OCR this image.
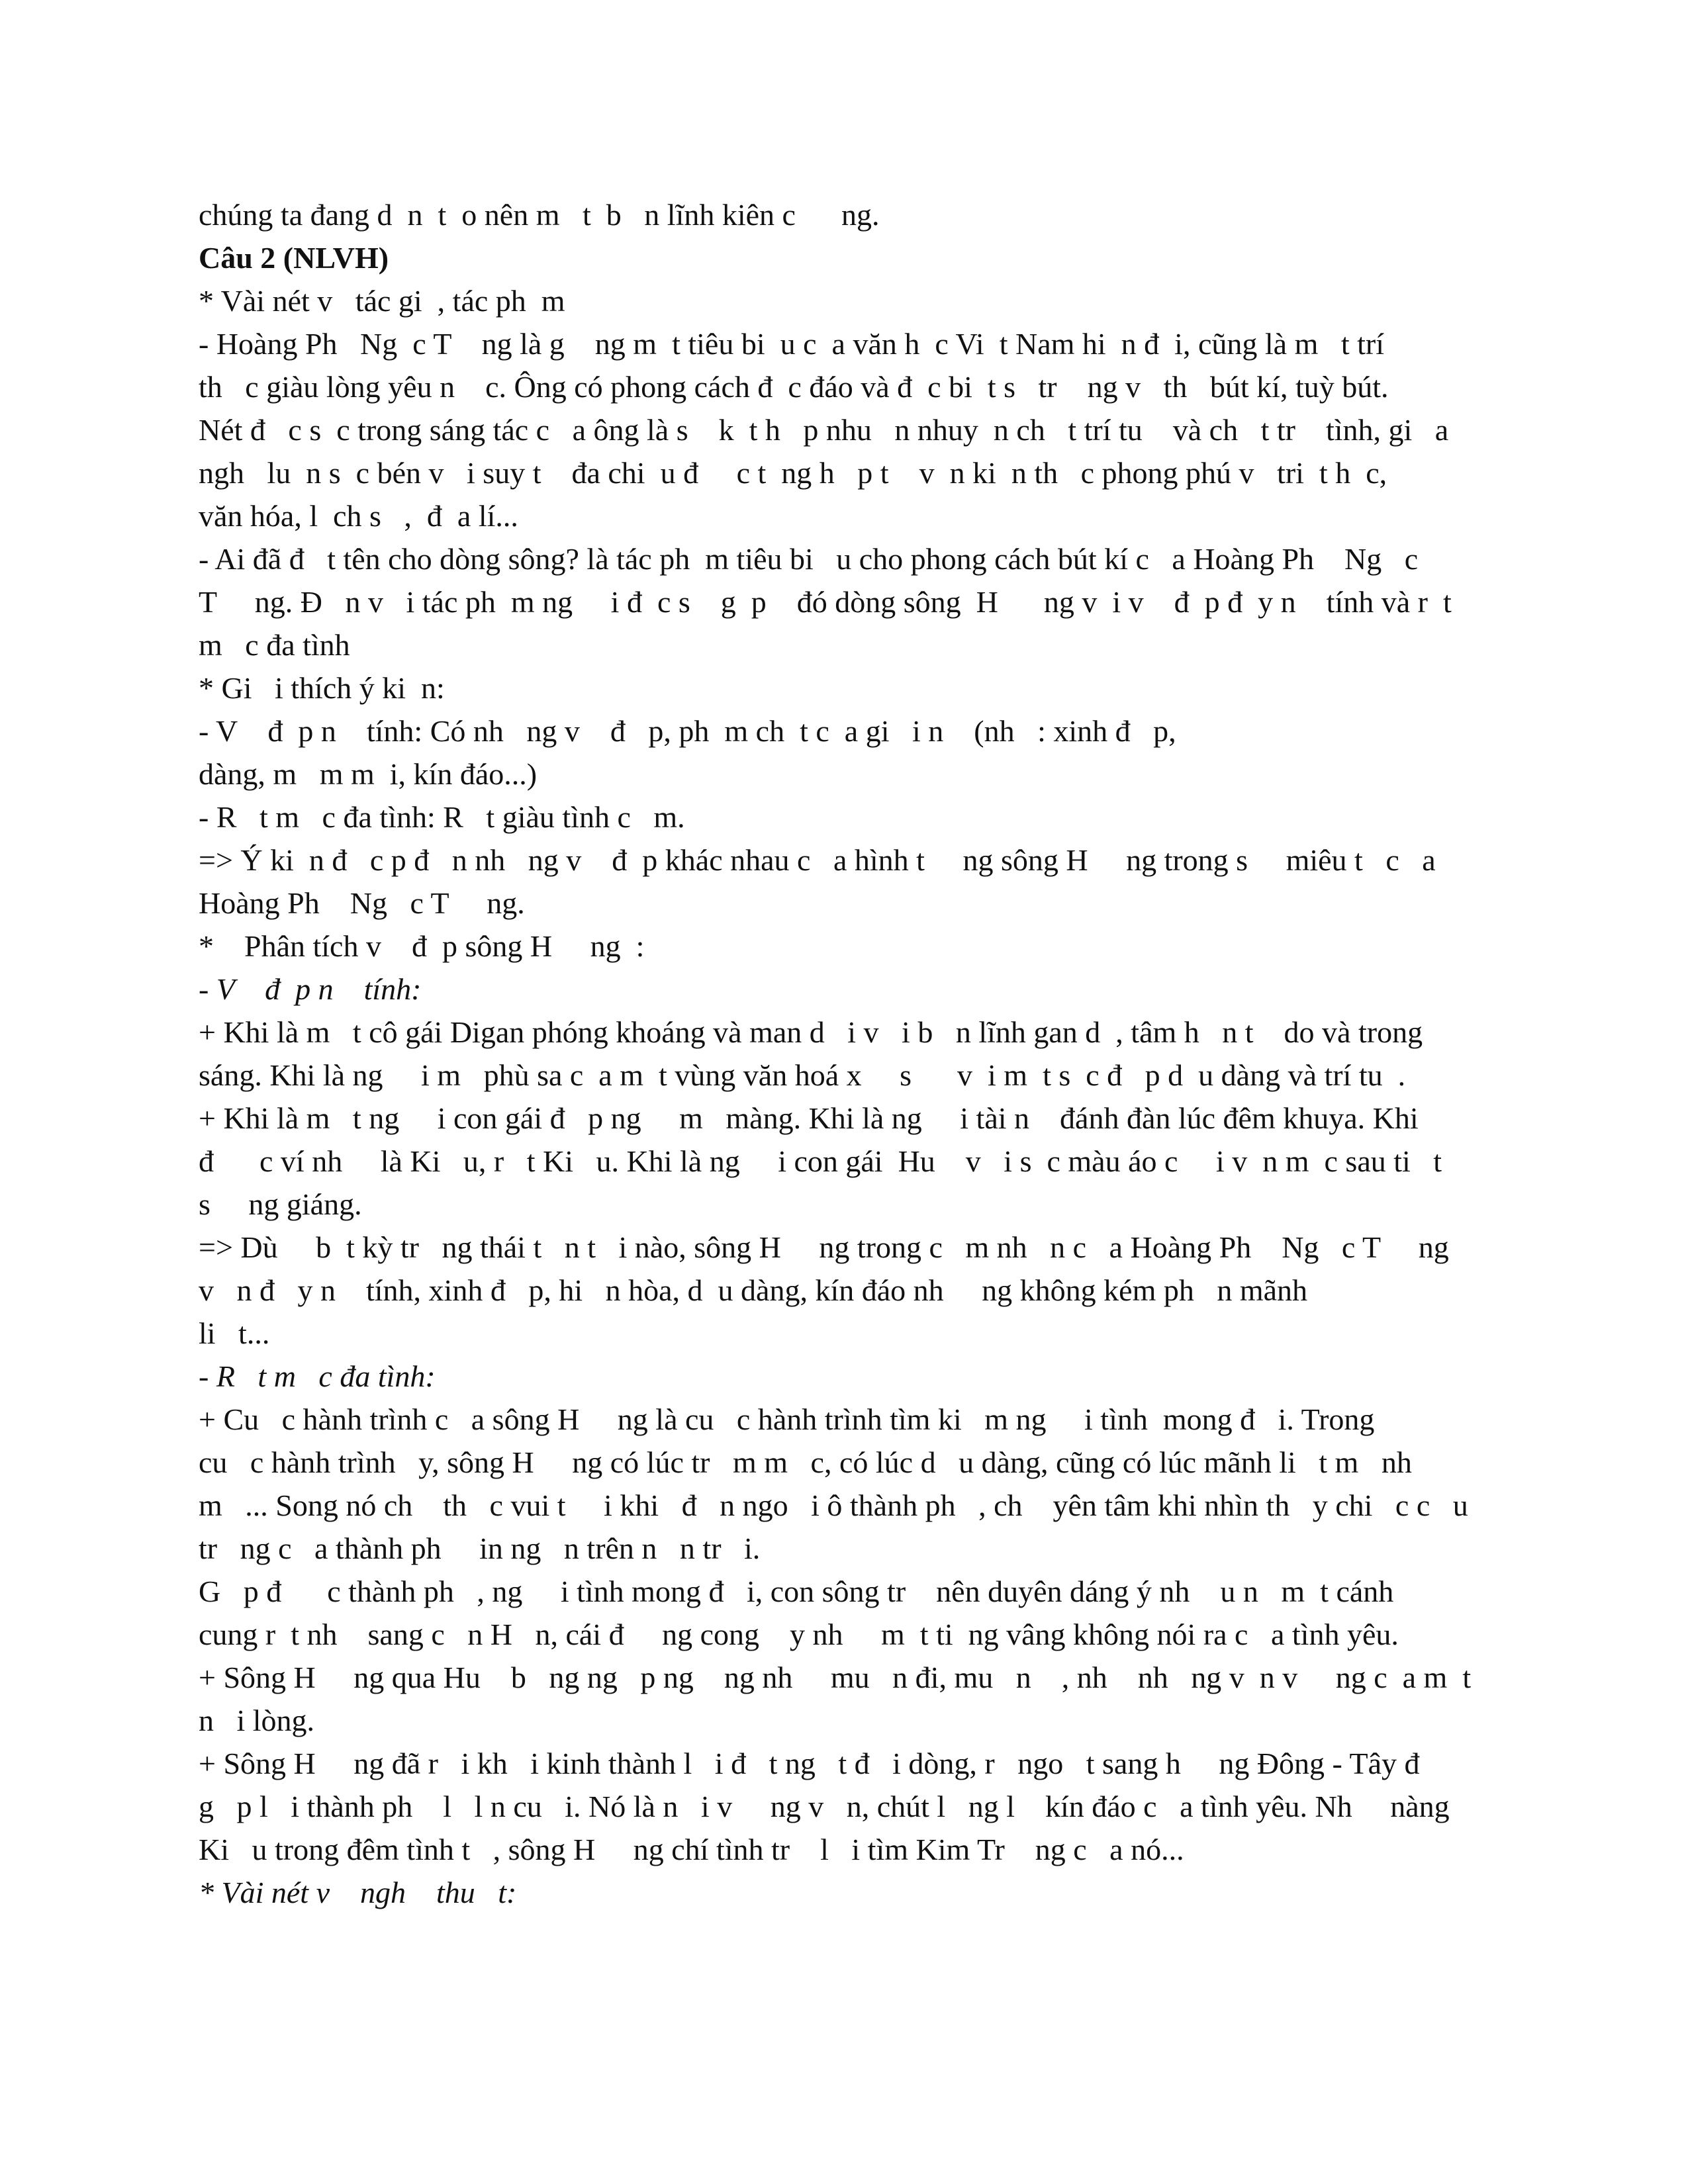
chúng ta đang d  n  t  o nên m   t  b   n lĩnh kiên c      ng.
Câu 2 (NLVH)
* Vài nét v   tác gi  , tác ph  m
- Hoàng Ph   Ng  c T    ng là g    ng m  t tiêu bi  u c  a văn h  c Vi  t Nam hi  n đ  i, cũng là m   t trí
th   c giàu lòng yêu n    c. Ông có phong cách đ  c đáo và đ  c bi  t s   tr    ng v   th   bút kí, tuỳ bút.
Nét đ   c s  c trong sáng tác c   a ông là s    k  t h   p nhu   n nhuy  n ch   t trí tu    và ch   t tr    tình, gi   a
ngh   lu  n s  c bén v   i suy t    đa chi  u đ     c t  ng h   p t    v  n ki  n th   c phong phú v   tri  t h  c,
văn hóa, l  ch s   ,  đ  a lí...
- Ai đã đ   t tên cho dòng sông? là tác ph  m tiêu bi   u cho phong cách bút kí c   a Hoàng Ph    Ng   c
T     ng. Đ   n v   i tác ph  m ng     i đ  c s    g  p    đó dòng sông  H      ng v  i v    đ  p đ  y n    tính và r  t
m   c đa tình
* Gi   i thích ý ki  n:
- V    đ  p n    tính: Có nh   ng v    đ   p, ph  m ch  t c  a gi   i n    (nh   : xinh đ   p,
dàng, m   m m  i, kín đáo...)
- R   t m   c đa tình: R   t giàu tình c   m.
=> Ý ki  n đ   c p đ   n nh   ng v    đ  p khác nhau c   a hình t     ng sông H     ng trong s     miêu t   c   a
Hoàng Ph    Ng   c T     ng.
*    Phân tích v    đ  p sông H     ng  :
- V    đ  p n    tính:
+ Khi là m   t cô gái Digan phóng khoáng và man d   i v   i b   n lĩnh gan d  , tâm h   n t    do và trong
sáng. Khi là ng     i m   phù sa c  a m  t vùng văn hoá x     s      v  i m  t s  c đ   p d  u dàng và trí tu  .
+ Khi là m   t ng     i con gái đ   p ng     m   màng. Khi là ng     i tài n    đánh đàn lúc đêm khuya. Khi
đ      c ví nh     là Ki   u, r   t Ki   u. Khi là ng     i con gái  Hu    v   i s  c màu áo c     i v  n m  c sau ti   t
s     ng giáng.
=> Dù     b  t kỳ tr   ng thái t   n t   i nào, sông H     ng trong c   m nh   n c   a Hoàng Ph    Ng   c T     ng
v   n đ   y n    tính, xinh đ   p, hi   n hòa, d  u dàng, kín đáo nh     ng không kém ph   n mãnh
li   t...
- R   t m   c đa tình:
+ Cu   c hành trình c   a sông H     ng là cu   c hành trình tìm ki   m ng     i tình  mong đ   i. Trong
cu   c hành trình   y, sông H     ng có lúc tr   m m   c, có lúc d   u dàng, cũng có lúc mãnh li   t m   nh
m   ... Song nó ch    th   c vui t     i khi   đ   n ngo   i ô thành ph   , ch    yên tâm khi nhìn th   y chi   c c   u
tr   ng c   a thành ph     in ng   n trên n   n tr   i.
G   p đ      c thành ph   , ng     i tình mong đ   i, con sông tr    nên duyên dáng ý nh    u n   m  t cánh
cung r  t nh    sang c   n H   n, cái đ     ng cong    y nh     m  t ti  ng vâng không nói ra c   a tình yêu.
+ Sông H     ng qua Hu    b   ng ng   p ng    ng nh     mu   n đi, mu   n    , nh    nh   ng v  n v     ng c  a m  t
n   i lòng.
+ Sông H     ng đã r   i kh   i kinh thành l   i đ   t ng   t đ   i dòng, r   ngo   t sang h     ng Đông - Tây đ
g   p l   i thành ph    l   l n cu   i. Nó là n   i v     ng v   n, chút l   ng l    kín đáo c   a tình yêu. Nh     nàng
Ki   u trong đêm tình t   , sông H     ng chí tình tr    l   i tìm Kim Tr    ng c   a nó...
* Vài nét v    ngh    thu   t:
